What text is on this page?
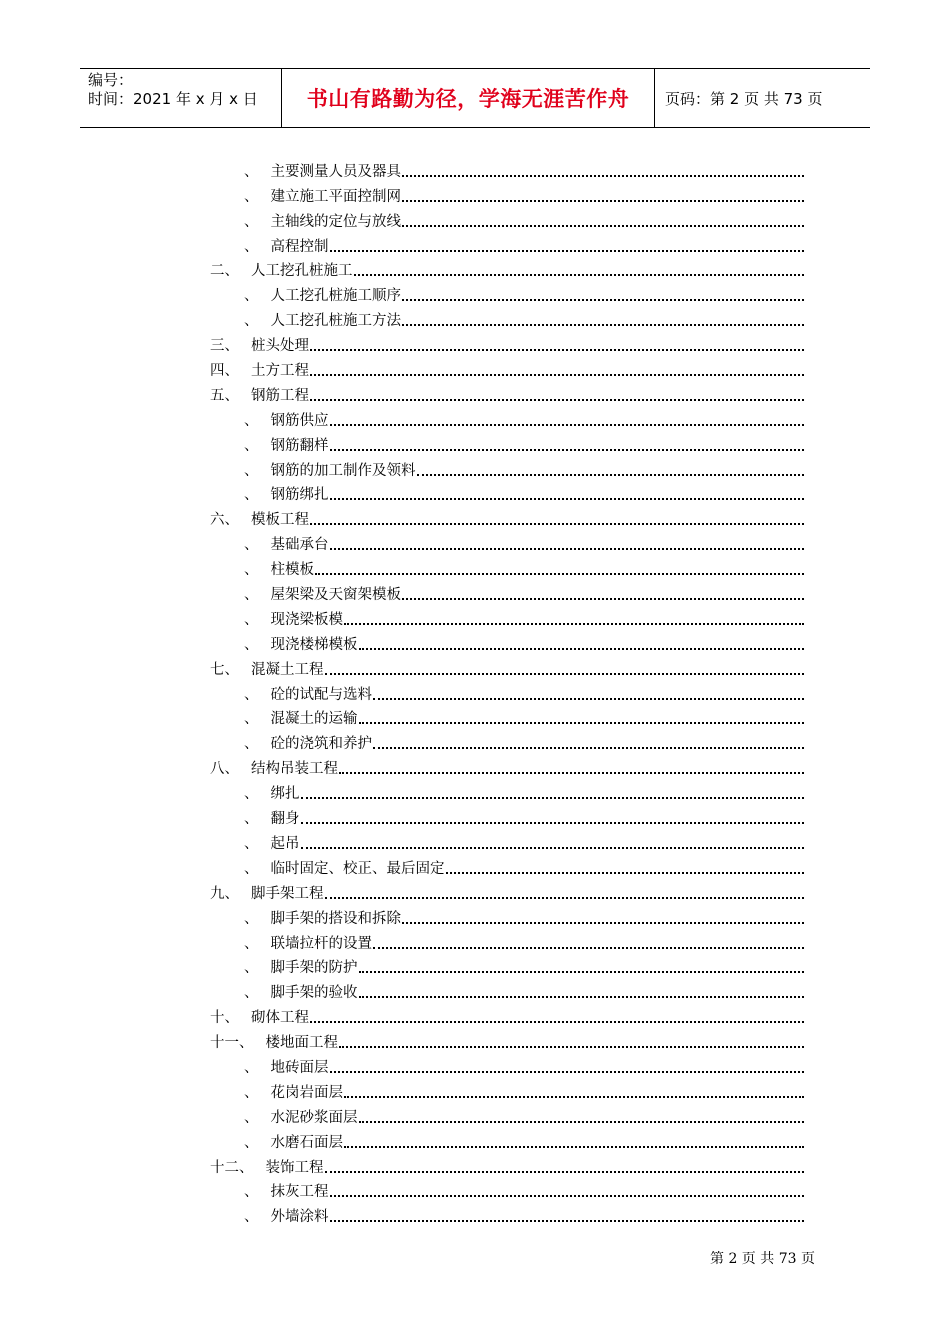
编号：
时间：2021 年 x 月 x 日	书山有路勤为径，学海无涯苦作舟	页码：第 2 页 共 73 页
、 主要测量人员及器具
、 建立施工平面控制网
、 主轴线的定位与放线
、 高程控制
二、 人工挖孔桩施工
、 人工挖孔桩施工顺序
、 人工挖孔桩施工方法
三、 桩头处理
四、 土方工程
五、 钢筋工程
、 钢筋供应
、 钢筋翻样
、 钢筋的加工制作及领料
、 钢筋绑扎
六、 模板工程
、 基础承台
、 柱模板
、 屋架梁及天窗架模板
、 现浇梁板模
、 现浇楼梯模板
七、 混凝土工程
、 砼的试配与选料
、 混凝土的运输
、 砼的浇筑和养护
八、 结构吊装工程
、 绑扎
、 翻身
、 起吊
、 临时固定、校正、最后固定
九、 脚手架工程
、 脚手架的搭设和拆除
、 联墙拉杆的设置
、 脚手架的防护
、 脚手架的验收
十、 砌体工程
十一、 楼地面工程
、 地砖面层
、 花岗岩面层
、 水泥砂浆面层
、 水磨石面层
十二、 装饰工程
、 抹灰工程
、 外墙涂料
第 2 页 共 73 页
